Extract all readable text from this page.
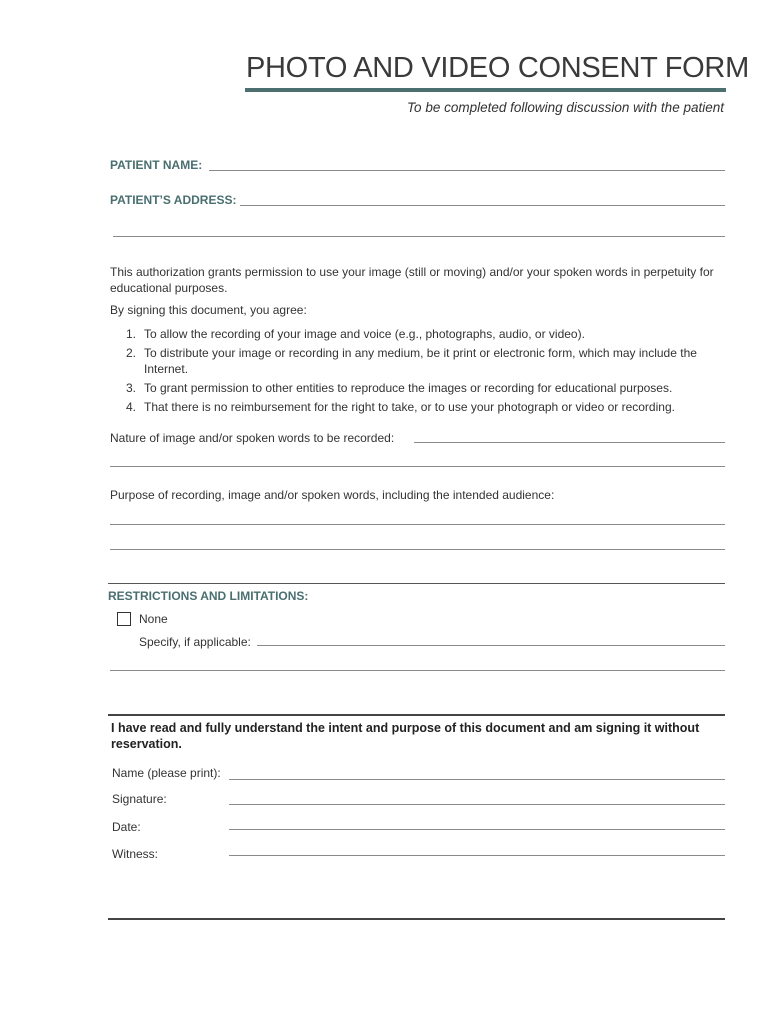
PHOTO AND VIDEO CONSENT FORM
To be completed following discussion with the patient
PATIENT NAME:
PATIENT’S ADDRESS:
This authorization grants permission to use your image (still or moving) and/or your spoken words in perpetuity for educational purposes.
By signing this document, you agree:
1. To allow the recording of your image and voice (e.g., photographs, audio, or video).
2. To distribute your image or recording in any medium, be it print or electronic form, which may include the Internet.
3. To grant permission to other entities to reproduce the images or recording for educational purposes.
4. That there is no reimbursement for the right to take, or to use your photograph or video or recording.
Nature of image and/or spoken words to be recorded:
Purpose of recording, image and/or spoken words, including the intended audience:
RESTRICTIONS AND LIMITATIONS:
None
Specify, if applicable:
I have read and fully understand the intent and purpose of this document and am signing it without reservation.
Name (please print):
Signature:
Date:
Witness:
